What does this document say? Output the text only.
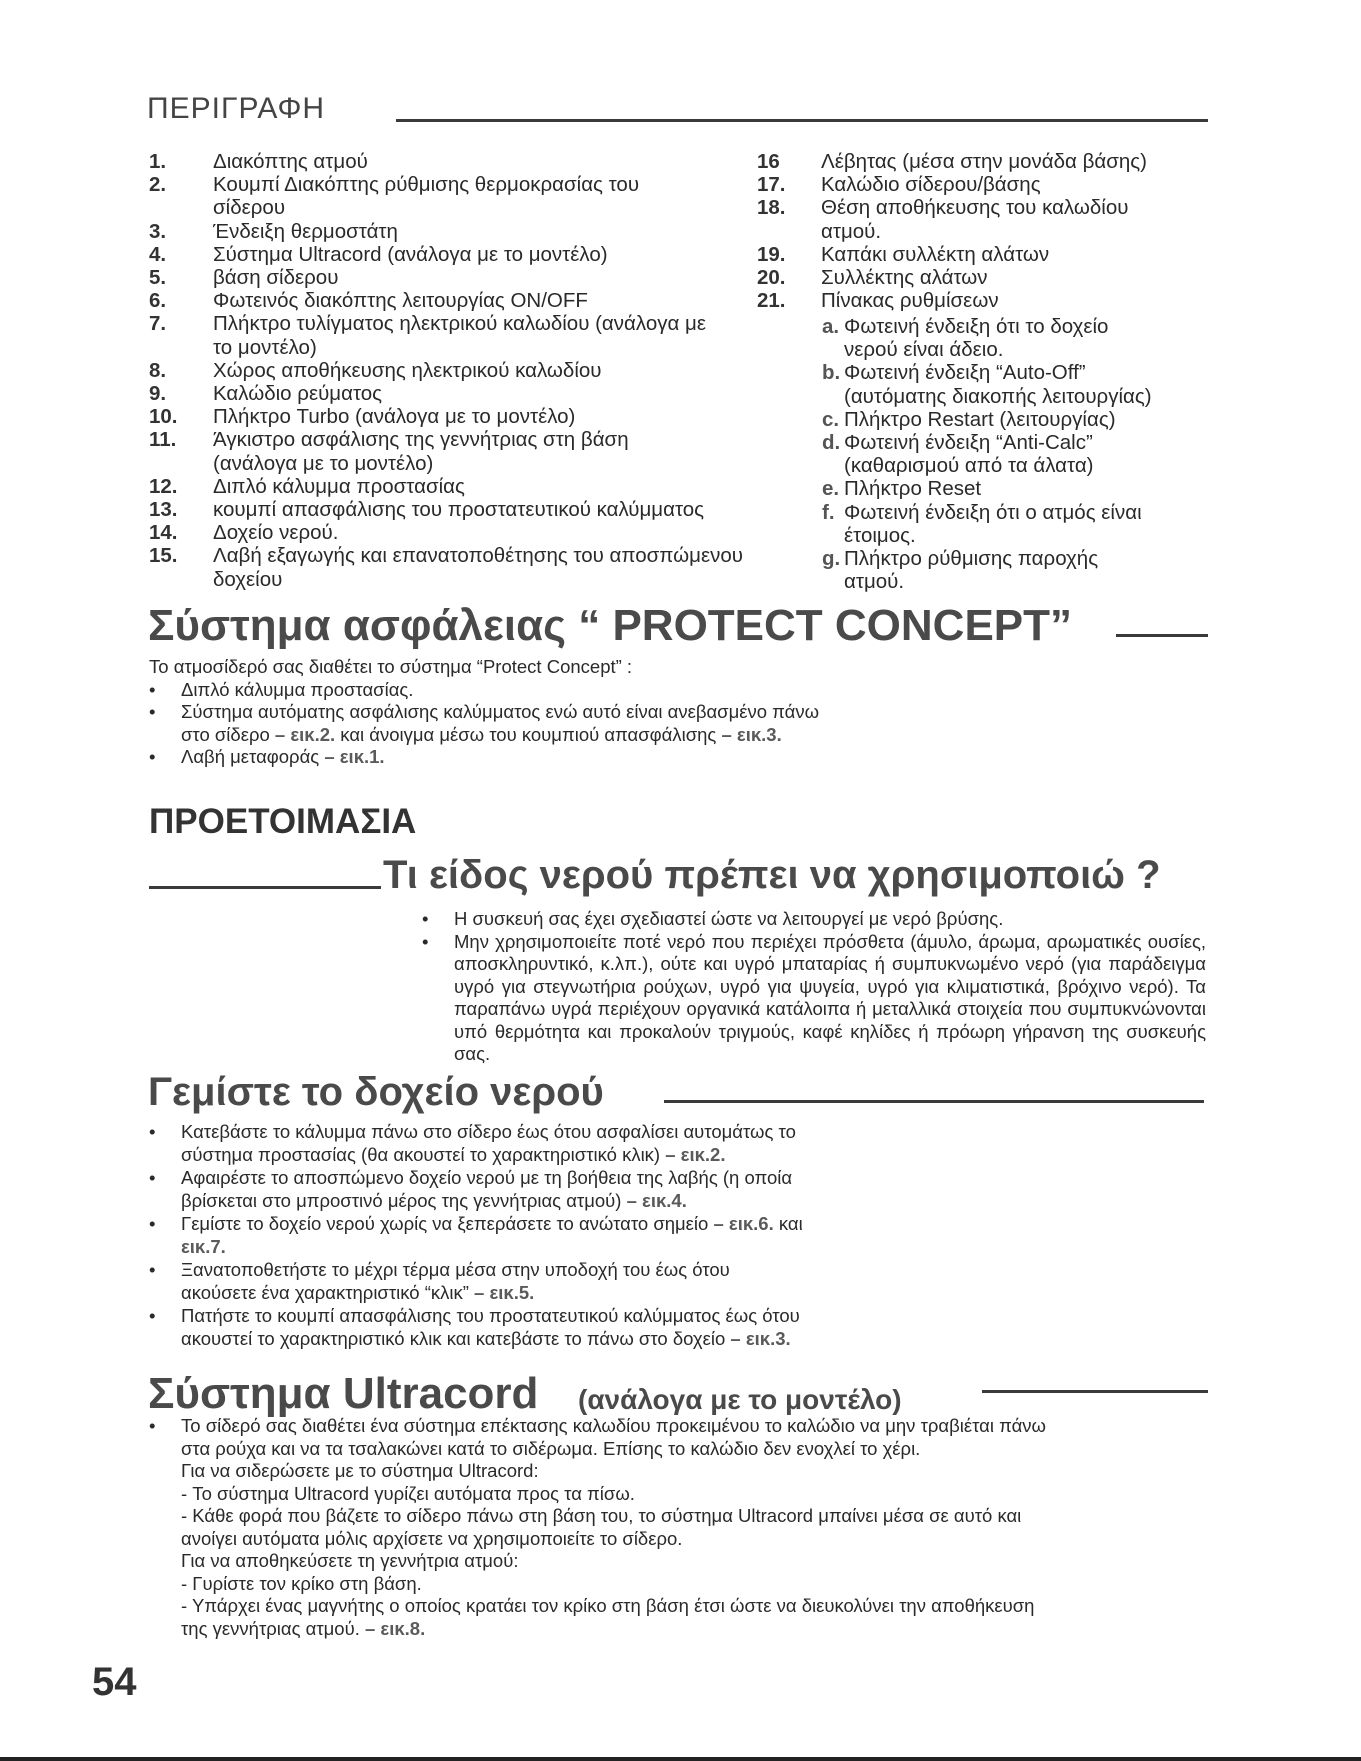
ΠΕΡΙΓΡΑΦΗ
1.	Διακόπτης ατμού
2.	Κουμπί Διακόπτης ρύθμισης θερμοκρασίας του
σίδερου
3.	Ένδειξη θερμοστάτη
4.	Σύστημα Ultracord (ανάλογα με το μοντέλο)
5.	βάση σίδερου
6.	Φωτεινός διακόπτης λειτουργίας ON/OFF
7.	Πλήκτρο τυλίγματος ηλεκτρικού καλωδίου (ανάλογα με
το μοντέλο)
8.	Χώρος αποθήκευσης ηλεκτρικού καλωδίου
9.	Καλώδιο ρεύματος
10.	Πλήκτρο Turbo (ανάλογα με το μοντέλο)
11.	Άγκιστρο ασφάλισης της γεννήτριας στη βάση
(ανάλογα με το μοντέλο)
12.	Διπλό κάλυμμα προστασίας
13.	κουμπί απασφάλισης του προστατευτικού καλύμματος
14.	Δοχείο νερού.
15.	Λαβή εξαγωγής και επανατοποθέτησης του αποσπώμενου
δοχείου
16	Λέβητας (μέσα στην μονάδα βάσης)
17.	Καλώδιο σίδερου/βάσης
18.	Θέση αποθήκευσης του καλωδίου
ατμού.
19.	Καπάκι συλλέκτη αλάτων
20.	Συλλέκτης αλάτων
21.	Πίνακας ρυθμίσεων
a. Φωτεινή ένδειξη ότι το δοχείο
νερού είναι άδειο.
b. Φωτεινή ένδειξη “Auto-Off”
(αυτόματης διακοπής λειτουργίας)
c. Πλήκτρο Restart (λειτουργίας)
d. Φωτεινή ένδειξη “Anti-Calc”
(καθαρισμού από τα άλατα)
e. Πλήκτρο Reset
f. Φωτεινή ένδειξη ότι ο ατμός είναι
έτοιμος.
g. Πλήκτρο ρύθμισης παροχής
ατμού.
Σύστημα ασφάλειας “ PROTECT CONCEPT”
Το ατμοσίδερό σας διαθέτει το σύστημα “Protect Concept” :
•	Διπλό κάλυμμα προστασίας.
•	Σύστημα αυτόματης ασφάλισης καλύμματος ενώ αυτό είναι ανεβασμένο πάνω
στο σίδερο – εικ.2. και άνοιγμα μέσω του κουμπιού απασφάλισης – εικ.3.
•	Λαβή μεταφοράς – εικ.1.
ΠΡΟΕΤΟΙΜΑΣΙΑ
Τι είδος νερού πρέπει να χρησιμοποιώ ?
•	Η συσκευή σας έχει σχεδιαστεί ώστε να λειτουργεί με νερό βρύσης.
•	Μην χρησιμοποιείτε ποτέ νερό που περιέχει πρόσθετα (άμυλο, άρωμα, αρωματικές ουσίες, αποσκληρυντικό, κ.λπ.), ούτε και υγρό μπαταρίας ή συμπυκνωμένο νερό (για παράδειγμα υγρό για στεγνωτήρια ρούχων, υγρό για ψυγεία, υγρό για κλιματιστικά, βρόχινο νερό). Τα παραπάνω υγρά περιέχουν οργανικά κατάλοιπα ή μεταλλικά στοιχεία που συμπυκνώνονται υπό θερμότητα και προκαλούν τριγμούς, καφέ κηλίδες ή πρόωρη γήρανση της συσκευής σας.
Γεμίστε το δοχείο νερού
•	Κατεβάστε το κάλυμμα πάνω στο σίδερο έως ότου ασφαλίσει αυτομάτως το
σύστημα προστασίας (θα ακουστεί το χαρακτηριστικό κλικ) – εικ.2.
•	Αφαιρέστε το αποσπώμενο δοχείο νερού με τη βοήθεια της λαβής (η οποία
βρίσκεται στο μπροστινό μέρος της γεννήτριας ατμού) – εικ.4.
•	Γεμίστε το δοχείο νερού χωρίς να ξεπεράσετε το ανώτατο σημείο – εικ.6. και
εικ.7.
•	Ξανατοποθετήστε το μέχρι τέρμα μέσα στην υποδοχή του έως ότου
ακούσετε ένα χαρακτηριστικό “κλικ” – εικ.5.
•	Πατήστε το κουμπί απασφάλισης του προστατευτικού καλύμματος έως ότου
ακουστεί το χαρακτηριστικό κλικ και κατεβάστε το πάνω στο δοχείο – εικ.3.
Σύστημα Ultracord (ανάλογα με το μοντέλο)
•	Το σίδερό σας διαθέτει ένα σύστημα επέκτασης καλωδίου προκειμένου το καλώδιο να μην τραβιέται πάνω
στα ρούχα και να τα τσαλακώνει κατά το σιδέρωμα. Επίσης το καλώδιο δεν ενοχλεί το χέρι.
Για να σιδερώσετε με το σύστημα Ultracord:
- Το σύστημα Ultracord γυρίζει αυτόματα προς τα πίσω.
- Κάθε φορά που βάζετε το σίδερο πάνω στη βάση του, το σύστημα Ultracord μπαίνει μέσα σε αυτό και
ανοίγει αυτόματα μόλις αρχίσετε να χρησιμοποιείτε το σίδερο.
Για να αποθηκεύσετε τη γεννήτρια ατμού:
- Γυρίστε τον κρίκο στη βάση.
- Υπάρχει ένας μαγνήτης ο οποίος κρατάει τον κρίκο στη βάση έτσι ώστε να διευκολύνει την αποθήκευση
της γεννήτριας ατμού. – εικ.8.
54
